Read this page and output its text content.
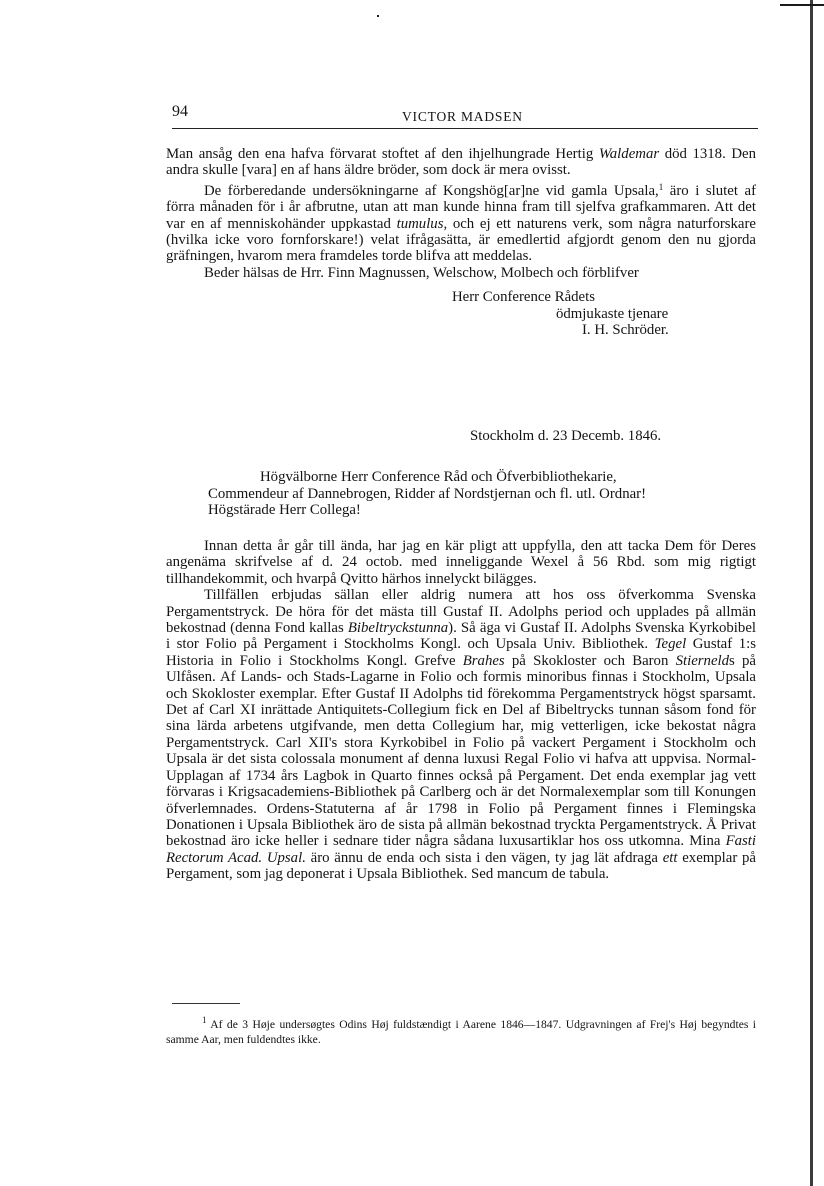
94	VICTOR MADSEN

Man ansåg den ena hafva förvarat stoftet af den ihjelhungrade Hertig Waldemar död 1318. Den andra skulle [vara] en af hans äldre bröder, som dock är mera ovisst.

De förberedande undersökningarne af Kongshög[ar]ne vid gamla Upsala,$^1$ äro i slutet af förra månaden för i år afbrutne, utan att man kunde hinna fram till sjelfva grafkammaren. Att det var en af menniskohänder uppkastad tumulus, och ej ett naturens verk, som några naturforskare (hvilka icke voro fornforskare!) velat ifrågasätta, är emedlertid afgjordt genom den nu gjorda gräfningen, hvarom mera framdeles torde blifva att meddelas.

Beder hälsas de Hrr. Finn Magnussen, Welschow, Molbech och förblifver

Herr Conference Rådets

ödmjukaste tjenare

I. H. Schröder.

Stockholm d. 23 Decemb. 1846.
Högvälborne Herr Conference Råd och Öfverbibliothekarie,
Commendeur af Dannebrogen, Ridder af Nordstjernan och fl. utl. Ordnar!
Högstärade Herr Collega!

Innan detta år går till ända, har jag en kär pligt att uppfylla, den att tacka Dem för Deres angenäma skrifvelse af d. 24 octob. med inneliggande Wexel å 56 Rbd. som mig rigtigt tillhandekommit, och hvarpå Qvitto härhos innelyckt bilägges.

Tillfällen erbjudas sällan eller aldrig numera att hos oss öfverkomma Svenska Pergamentstryck. De höra för det mästa till Gustaf II. Adolphs period och upplades på allmän bekostnad (denna Fond kallas Bibeltryckstunna). Så äga vi Gustaf II. Adolphs Svenska Kyrkobibel i stor Folio på Pergament i Stockholms Kongl. och Upsala Univ. Bibliothek. Tegel Gustaf 1:s Historia in Folio i Stockholms Kongl. Grefve Brahes på Skokloster och Baron Stiernelds på Ulfåsen. Af Lands- och Stads-Lagarne in Folio och formis minoribus finnas i Stockholm, Upsala och Skokloster exemplar. Efter Gustaf II Adolphs tid förekomma Pergamentstryck högst sparsamt. Det af Carl XI inrättade Antiquitets-Collegium fick en Del af Bibeltrycks tunnan såsom fond för sina lärda arbetens utgifvande, men detta Collegium har, mig vetterligen, icke bekostat några Pergamentstryck. Carl XII's stora Kyrkobibel in Folio på vackert Pergament i Stockholm och Upsala är det sista colossala monument af denna luxusi Regal Folio vi hafva att uppvisa. Normal-Upplagan af 1734 års Lagbok in Quarto finnes också på Pergament. Det enda exemplar jag vett förvaras i Krigsacademiens-Bibliothek på Carlberg och är det Normalexemplar som till Konungen öfverlemnades. Ordens-Statuterna af år 1798 in Folio på Pergament finnes i Flemingska Donationen i Upsala Bibliothek äro de sista på allmän bekostnad tryckta Pergamentstryck. Å Privat bekostnad äro icke heller i sednare tider några sådana luxusartiklar hos oss utkomna. Mina Fasti Rectorum Acad. Upsal. äro ännu de enda och sista i den vägen, ty jag lät afdraga ett exemplar på Pergament, som jag deponerat i Upsala Bibliothek. Sed mancum de tabula.

$^1$ Af de 3 Høje undersøgtes Odins Høj fuldstændigt i Aarene 1846—1847. Udgravningen af Frej's Høj begyndtes i samme Aar, men fuldendtes ikke.
